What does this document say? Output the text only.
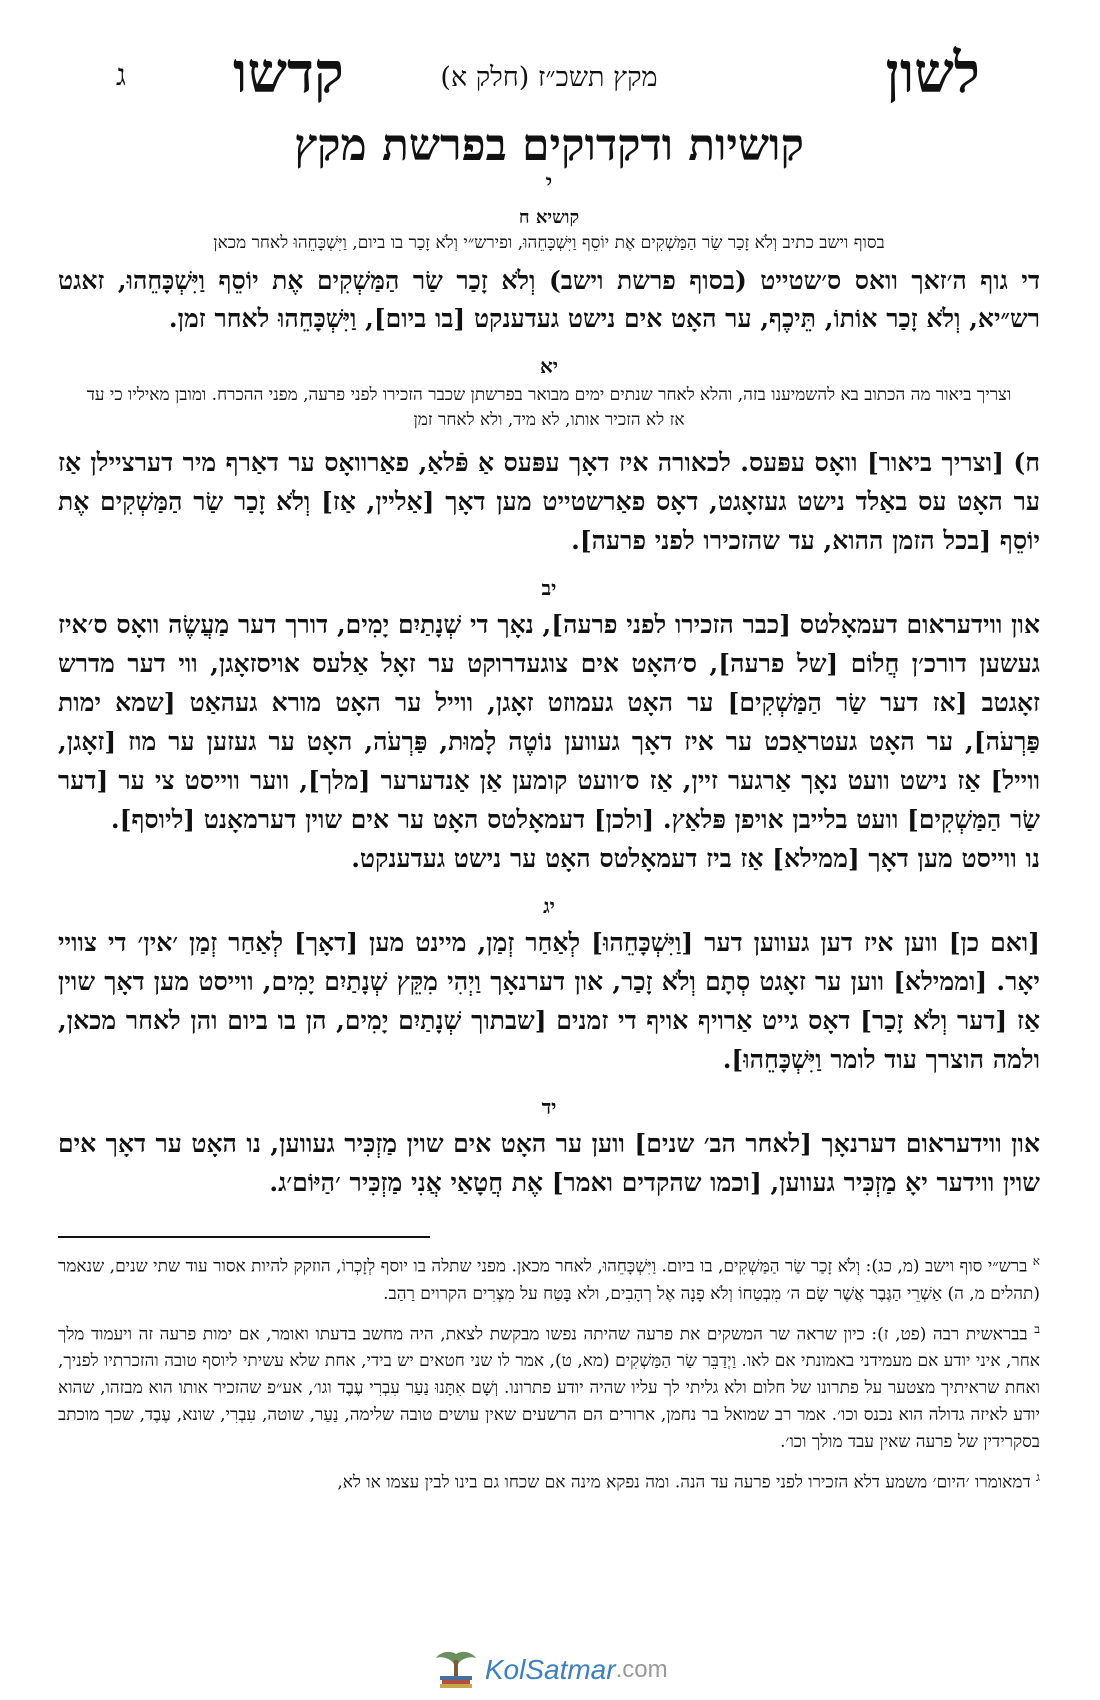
לשון
מקץ תשכ״ז (חלק א)
קדשו
ג
קושיות ודקדוקים בפרשת מקץ
י
קושיא ח
בסוף וישב כתיב וְלֹא זָכַר שַׂר הַמַּשְׁקִים אֶת יוֹסֵף וַיִּשְׁכָּחֵהוּ, ופירש״י וְלֹא זָכַר בו ביום, וַיִּשְׁכָּחֵהוּ לאחר מכאן

די גוף ה׳זאך וואס ס׳שטייט (בסוף פרשת וישב) וְלֹא זָכַר שַׂר הַמַּשְׁקִים אֶת יוֹסֵף וַיִּשְׁכָּחֵהוּ, זאגט רש״יא, וְלֹא זָכַר אוֹתוֹ, תֵּיכֶף, ער האָט אים נישט געדענקט [בו ביום], וַיִּשְׁכָּחֵהוּ לאחר זמן.

יא
וצריך ביאור מה הכתוב בא להשמיענו בזה, והלא לאחר שנתים ימים מבואר בפרשתן שכבר הזכירו לפני פרעה, מפני ההכרח. ומובן מאיליו כי עד אז לא הזכיר אותו, לא מיד, ולא לאחר זמן

ח) [וצריך ביאור] וואָס עפּעס. לכאורה איז דאָך עפּעס אַ פּֿלאַ, פאַרוואָס ער דאַרף מיר דערציילן אַז ער האָט עס באַלד נישט געזאָגט, דאָס פאַרשטייט מען דאָך [אַליין, אַז] וְלֹא זָכַר שַׂר הַמַּשְׁקִים אֶת יוֹסֵף [בכל הזמן ההוא, עד שהזכירו לפני פרעה].

יב

און ווידעראום דעמאָלטס [כבר הזכירו לפני פרעה], נאָך די שְׁנָתַיִם יָמִים, דורך דער מַעֲשֶׂה וואָס ס׳איז געשען דורכ׳ן חֲלוֹם [של פרעה], ס׳האָט אים צוגעדרוקט ער זאָל אַלעס אויסזאָגן, ווי דער מדרש זאָגטב [אז דער שַׂר הַמַּשְׁקִים] ער האָט געמוזט זאָגן, ווייל ער האָט מורא געהאַט [שמא ימות פַּרְעֹה], ער האָט געטראַכט ער איז דאָך געווען נוֹטֶה לָמוּת, פַּרְעֹה, האָט ער געזען ער מוז [זאָגן, ווייל] אַז נישט וועט נאָך אַרגער זיין, אַז ס׳וועט קומען אַן אַנדערער [מלך], ווער ווייסט צי ער [דער שַׂר הַמַּשְׁקִים] וועט בלייבן אויפן פּלאַץ. [ולכן] דעמאָלטס האָט ער אים שוין דערמאָנט [ליוסף].

נו ווייסט מען דאָך [ממילא] אַז ביז דעמאָלטס האָט ער נישט געדענקט.

יג

[ואם כן] ווען איז דען געווען דער [וַיִּשְׁכָּחֵהוּ] לְאַחַר זְמַן, מיינט מען [דאָך] לְאַחַר זְמַן ׳אין׳ די צוויי יאָר. [וממילא] ווען ער זאָגט סְתָם וְלֹא זָכַר, און דערנאָך וַיְהִי מִקֵּץ שְׁנָתַיִם יָמִים, ווייסט מען דאָך שוין אַז [דער וְלֹא זָכַר] דאָס גייט אַרויף אויף די זמנים [שבתוך שְׁנָתַיִם יָמִים, הן בו ביום והן לאחר מכאן, ולמה הוצרך עוד לומר וַיִּשְׁכָּחֵהוּ].

יד

און ווידעראום דערנאָך [לאחר הב׳ שנים] ווען ער האָט אים שוין מַזְכִּיר געווען, נו האָט ער דאָך אים שוין ווידער יאָ מַזְכִּיר געווען, [וכמו שהקדים ואמר] אֶת חֲטָאַי אֲנִי מַזְכִּיר ׳הַיּוֹם׳ג.

$^א$ ברש״י סוף וישב (מ, כג): וְלֹא זָכַר שַׂר הַמַּשְׁקִים, בו ביום. וַיִּשְׁכָּחֵהוּ, לאחר מכאן. מפני שתלה בו יוסף לְזָכְרוֹ, הוזקק להיות אסור עוד שתי שנים, שנאמר (תהלים מ, ה) אַשְׁרֵי הַגֶּבֶר אֲשֶׁר שָׂם ה׳ מִבְטַחוֹ וְלֹא פָנָה אֶל רְהָבִים, ולא בָּטַח על מִצְרִים הקרוים רַהַב.

$^ב$ בבראשית רבה (פט, ז): כיון שראה שר המשקים את פרעה שהיתה נפשו מבקשת לצאת, היה מחשב בדעתו ואומר, אם ימות פרעה זה ויעמוד מלך אחר, איני יודע אם מעמידני באמונתי אם לאו. וַיְדַבֵּר שַׂר הַמַּשְׁקִים (מא, ט), אמר לו שני חטאים יש בידי, אחת שלא עשיתי ליוסף טובה והזכרתיו לפניך, ואחת שראיתיך מצטער על פתרונו של חלום ולא גליתי לך עליו שהיה יודע פתרונו. וְשָׁם אִתָּנוּ נַעַר עִבְרִי עֶבֶד וגו׳, אע״פ שהזכיר אותו הוא מבזהו, שהוא יודע לאיזה גדולה הוא נכנס וכו׳. אמר רב שמואל בר נחמן, ארורים הם הרשעים שאין עושים טובה שלימה, נַעַר, שוטה, עִבְרִי, שונא, עֶבֶד, שכך מוכתב בסקרידין של פרעה שאין עבד מולך וכו׳.

$^ג$ דמאומרו ׳היום׳ משמע דלא הזכירו לפני פרעה עד הנה. ומה נפקא מינה אם שכחו גם בינו לבין עצמו או לא,

KolSatmar.com
